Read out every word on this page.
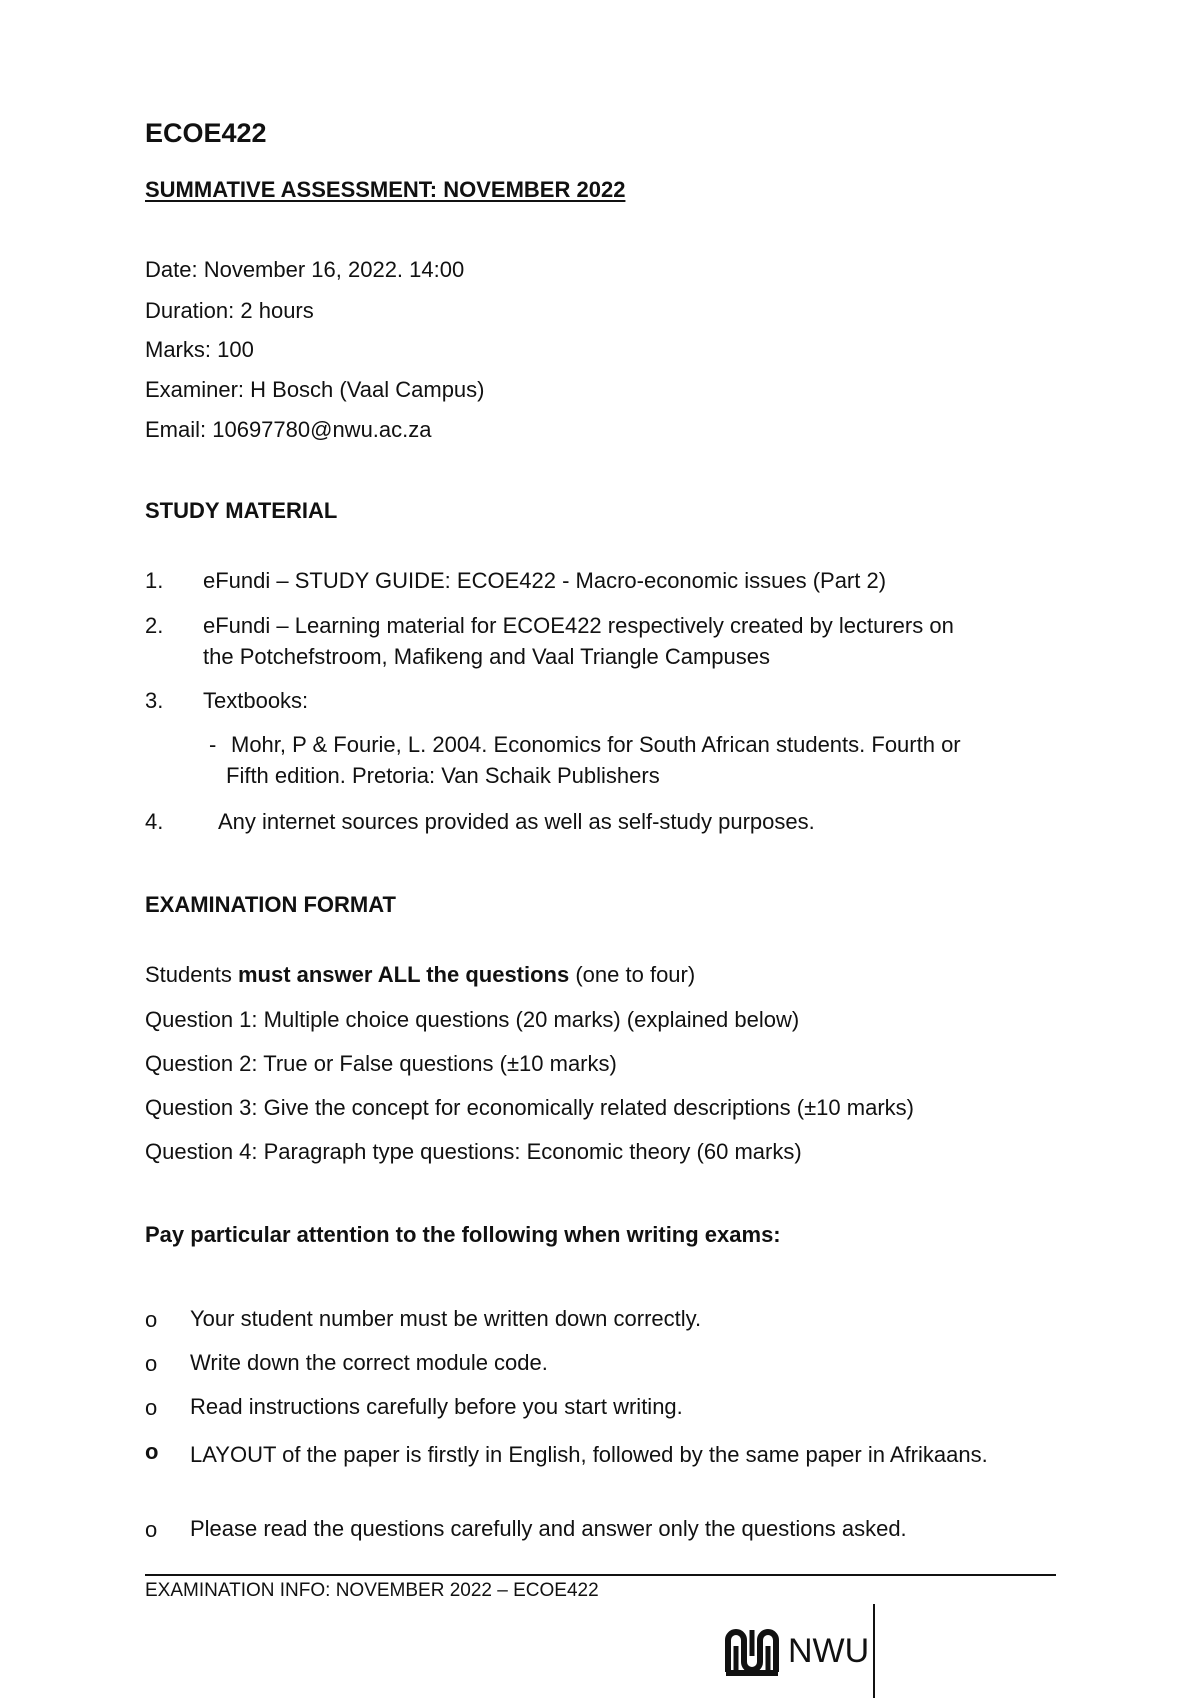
ECOE422
SUMMATIVE ASSESSMENT: NOVEMBER 2022
Date: November 16, 2022. 14:00
Duration: 2 hours
Marks: 100
Examiner: H Bosch (Vaal Campus)
Email: 10697780@nwu.ac.za
STUDY MATERIAL
1.	eFundi – STUDY GUIDE: ECOE422 - Macro-economic issues (Part 2)
2.	eFundi – Learning material for ECOE422 respectively created by lecturers on
the Potchefstroom, Mafikeng and Vaal Triangle Campuses
3.	Textbooks:
- Mohr, P & Fourie, L. 2004. Economics for South African students. Fourth or
Fifth edition. Pretoria: Van Schaik Publishers
4.	Any internet sources provided as well as self-study purposes.
EXAMINATION FORMAT
Students must answer ALL the questions (one to four)
Question 1: Multiple choice questions (20 marks) (explained below)
Question 2: True or False questions (±10 marks)
Question 3: Give the concept for economically related descriptions (±10 marks)
Question 4: Paragraph type questions: Economic theory (60 marks)
Pay particular attention to the following when writing exams:
o Your student number must be written down correctly.
o Write down the correct module code.
o Read instructions carefully before you start writing.
o LAYOUT of the paper is firstly in English, followed by the same paper in Afrikaans.
o Please read the questions carefully and answer only the questions asked.
EXAMINATION INFO: NOVEMBER 2022 – ECOE422
NWU
